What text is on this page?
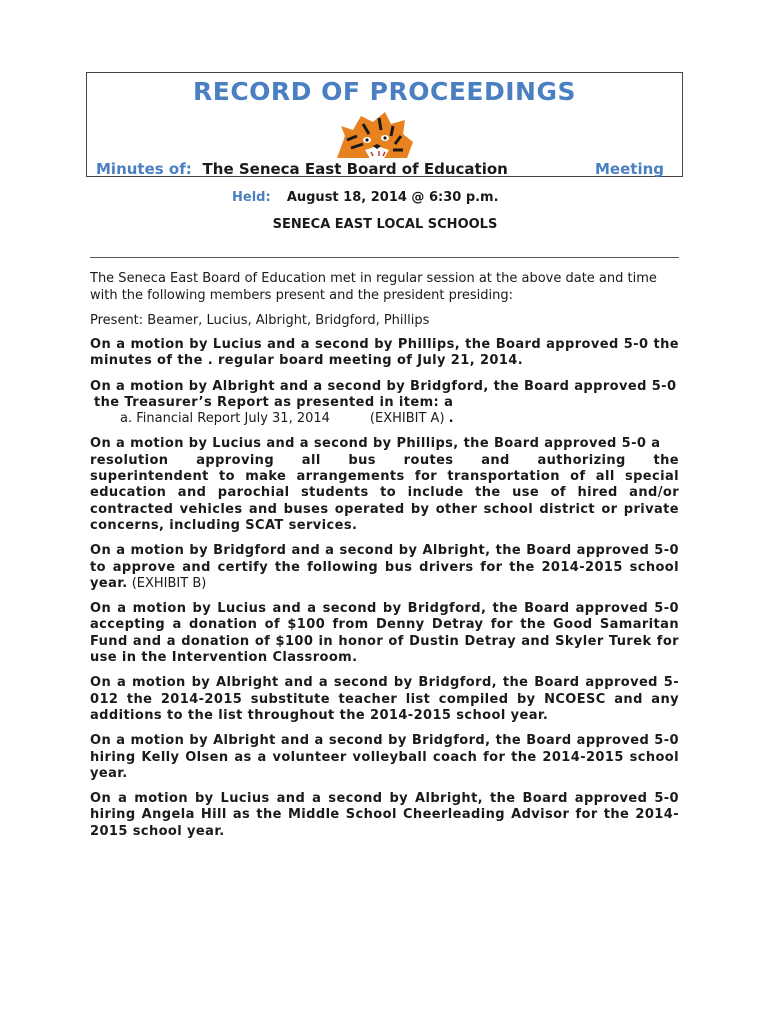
RECORD OF PROCEEDINGS
Minutes of: The Seneca East Board of Education	Meeting
Held: August 18, 2014 @ 6:30 p.m.
SENECA EAST LOCAL SCHOOLS

The Seneca East Board of Education met in regular session at the above date and time with the following members present and the president presiding:

Present: Beamer, Lucius, Albright, Bridgford, Phillips

On a motion by Lucius and a second by Phillips, the Board approved 5-0 the minutes of the . regular board meeting of July 21, 2014.

On a motion by Albright and a second by Bridgford, the Board approved 5-0
the Treasurer’s Report as presented in item: a
a. Financial Report July 31, 2014	(EXHIBIT A) .
On a motion by Lucius and a second by Phillips, the Board approved 5-0 a
resolution approving all bus routes and authorizing the
superintendent to make arrangements for transportation of all special education and parochial students to include the use of hired and/or contracted vehicles and buses operated by other school district or private concerns, including SCAT services.

On a motion by Bridgford and a second by Albright, the Board approved 5-0 to approve and certify the following bus drivers for the 2014-2015 school year. (EXHIBIT B)

On a motion by Lucius and a second by Bridgford, the Board approved 5-0 accepting a donation of $100 from Denny Detray for the Good Samaritan Fund and a donation of $100 in honor of Dustin Detray and Skyler Turek for use in the Intervention Classroom.

On a motion by Albright and a second by Bridgford, the Board approved 5-012 the 2014-2015 substitute teacher list compiled by NCOESC and any additions to the list throughout the 2014-2015 school year.

On a motion by Albright and a second by Bridgford, the Board approved 5-0 hiring Kelly Olsen as a volunteer volleyball coach for the 2014-2015 school year.

On a motion by Lucius and a second by Albright, the Board approved 5-0 hiring Angela Hill as the Middle School Cheerleading Advisor for the 2014-2015 school year.
